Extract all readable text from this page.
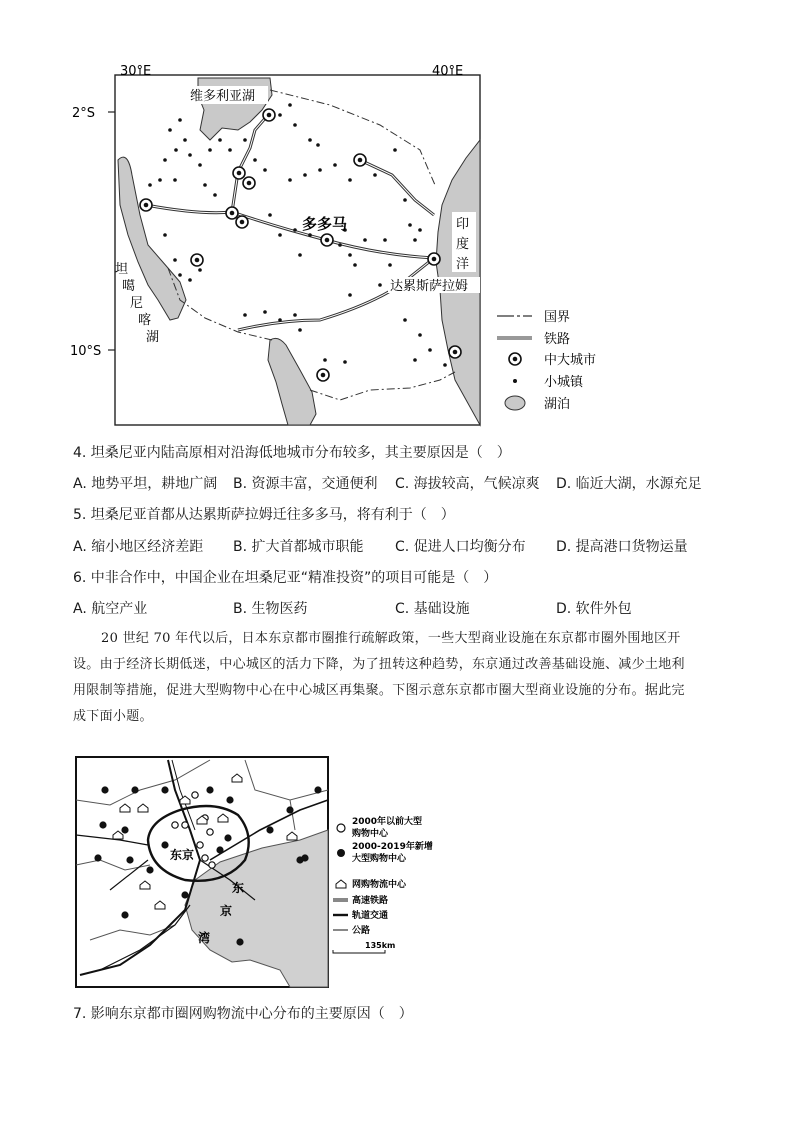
30°E	40°E
2°S
10°S
维多利亚湖
坦
噶
尼
喀
湖
印
度
洋
多多马
达累斯萨拉姆
国界
铁路
中大城市
小城镇
湖泊
4. 坦桑尼亚内陆高原相对沿海低地城市分布较多，其主要原因是（　）
A. 地势平坦，耕地广阔 B. 资源丰富，交通便利 C. 海拔较高，气候凉爽 D. 临近大湖，水源充足
5. 坦桑尼亚首都从达累斯萨拉姆迁往多多马，将有利于（　）
A. 缩小地区经济差距 B. 扩大首都城市职能 C. 促进人口均衡分布 D. 提高港口货物运量
6. 中非合作中，中国企业在坦桑尼亚“精准投资”的项目可能是（　）
A. 航空产业	B. 生物医药	C. 基础设施	D. 软件外包
20 世纪 70 年代以后，日本东京都市圈推行疏解政策，一些大型商业设施在东京都市圈外围地区开
设。由于经济长期低迷，中心城区的活力下降，为了扭转这种趋势，东京通过改善基础设施、减少土地利
用限制等措施，促进大型购物中心在中心城区再集聚。下图示意东京都市圈大型商业设施的分布。据此完
成下面小题。
东京
东
京
湾
2000年以前大型
购物中心
2000-2019年新增
大型购物中心
网购物流中心
高速铁路
轨道交通
公路
135km
7. 影响东京都市圈网购物流中心分布的主要原因（　）
